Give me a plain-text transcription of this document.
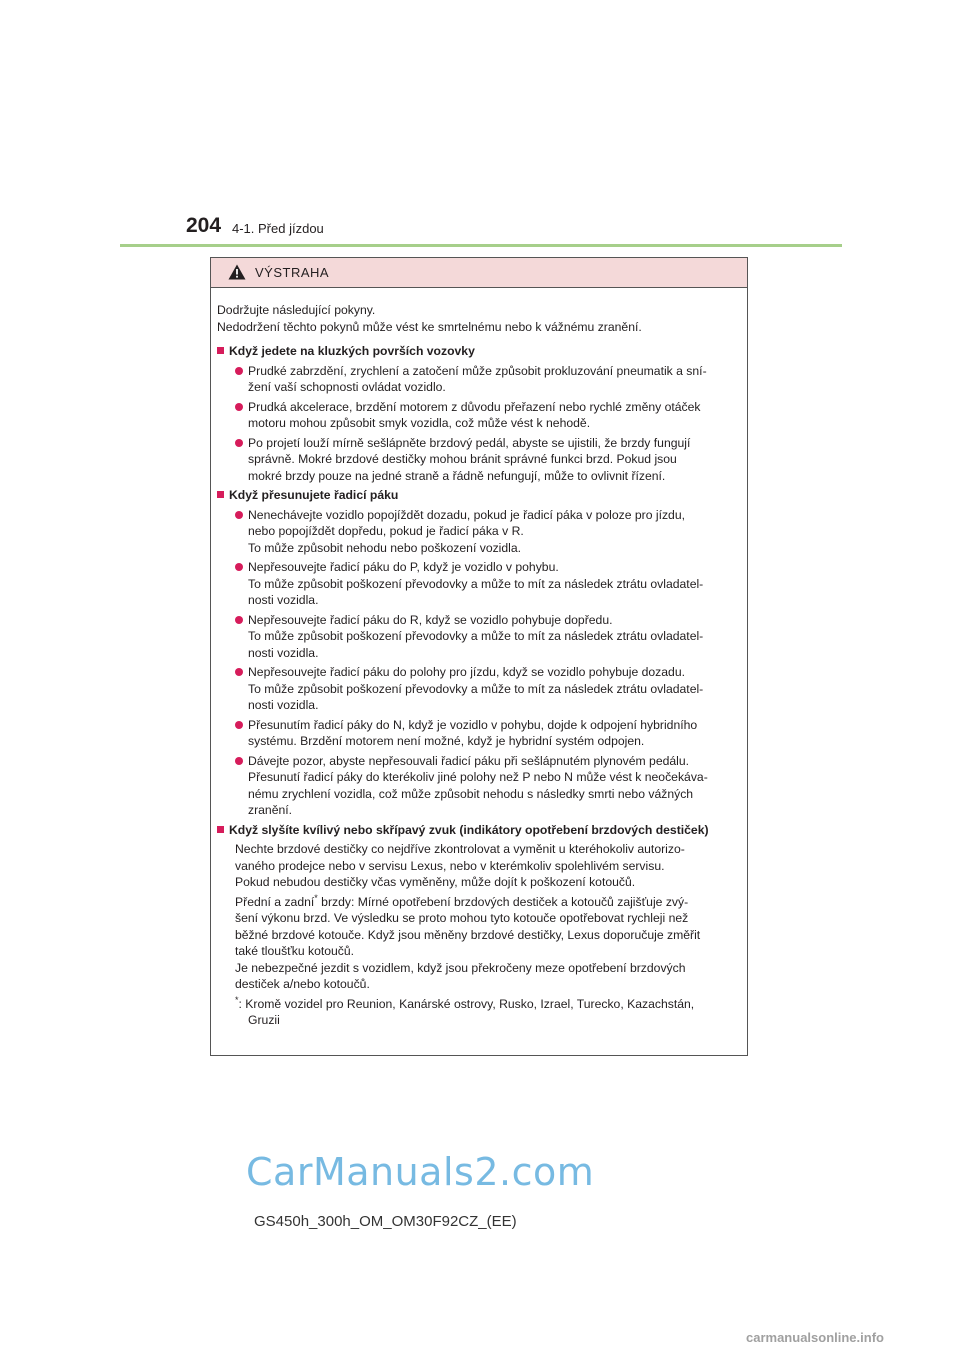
204 4-1. Před jízdou
VÝSTRAHA

Dodržujte následující pokyny.
Nedodržení těchto pokynů může vést ke smrtelnému nebo k vážnému zranění.

Když jedete na kluzkých površích vozovky

Prudké zabrzdění, zrychlení a zatočení může způsobit prokluzování pneumatik a sní-
žení vaší schopnosti ovládat vozidlo.
Prudká akcelerace, brzdění motorem z důvodu přeřazení nebo rychlé změny otáček
motoru mohou způsobit smyk vozidla, což může vést k nehodě.
Po projetí louží mírně sešlápněte brzdový pedál, abyste se ujistili, že brzdy fungují
správně. Mokré brzdové destičky mohou bránit správné funkci brzd. Pokud jsou
mokré brzdy pouze na jedné straně a řádně nefungují, může to ovlivnit řízení.

Když přesunujete řadicí páku

Nenechávejte vozidlo popojíždět dozadu, pokud je řadicí páka v poloze pro jízdu,
nebo popojíždět dopředu, pokud je řadicí páka v R.
To může způsobit nehodu nebo poškození vozidla.
Nepřesouvejte řadicí páku do P, když je vozidlo v pohybu.
To může způsobit poškození převodovky a může to mít za následek ztrátu ovladatel-
nosti vozidla.
Nepřesouvejte řadicí páku do R, když se vozidlo pohybuje dopředu.
To může způsobit poškození převodovky a může to mít za následek ztrátu ovladatel-
nosti vozidla.
Nepřesouvejte řadicí páku do polohy pro jízdu, když se vozidlo pohybuje dozadu.
To může způsobit poškození převodovky a může to mít za následek ztrátu ovladatel-
nosti vozidla.
Přesunutím řadicí páky do N, když je vozidlo v pohybu, dojde k odpojení hybridního
systému. Brzdění motorem není možné, když je hybridní systém odpojen.
Dávejte pozor, abyste nepřesouvali řadicí páku při sešlápnutém plynovém pedálu.
Přesunutí řadicí páky do kterékoliv jiné polohy než P nebo N může vést k neočekáva-
nému zrychlení vozidla, což může způsobit nehodu s následky smrti nebo vážných
zranění.

Když slyšíte kvílivý nebo skřípavý zvuk (indikátory opotřebení brzdových destiček)

Nechte brzdové destičky co nejdříve zkontrolovat a vyměnit u kteréhokoliv autorizo-
vaného prodejce nebo v servisu Lexus, nebo v kterémkoliv spolehlivém servisu.
Pokud nebudou destičky včas vyměněny, může dojít k poškození kotoučů.
Přední a zadní* brzdy: Mírné opotřebení brzdových destiček a kotoučů zajišťuje zvý-
šení výkonu brzd. Ve výsledku se proto mohou tyto kotouče opotřebovat rychleji než
běžné brzdové kotouče. Když jsou měněny brzdové destičky, Lexus doporučuje změřit
také tloušťku kotoučů.
Je nebezpečné jezdit s vozidlem, když jsou překročeny meze opotřebení brzdových
destiček a/nebo kotoučů.
*: Kromě vozidel pro Reunion, Kanárské ostrovy, Rusko, Izrael, Turecko, Kazachstán,
Gruzii
CarManuals2.com
GS450h_300h_OM_OM30F92CZ_(EE)
carmanualsonline.info
